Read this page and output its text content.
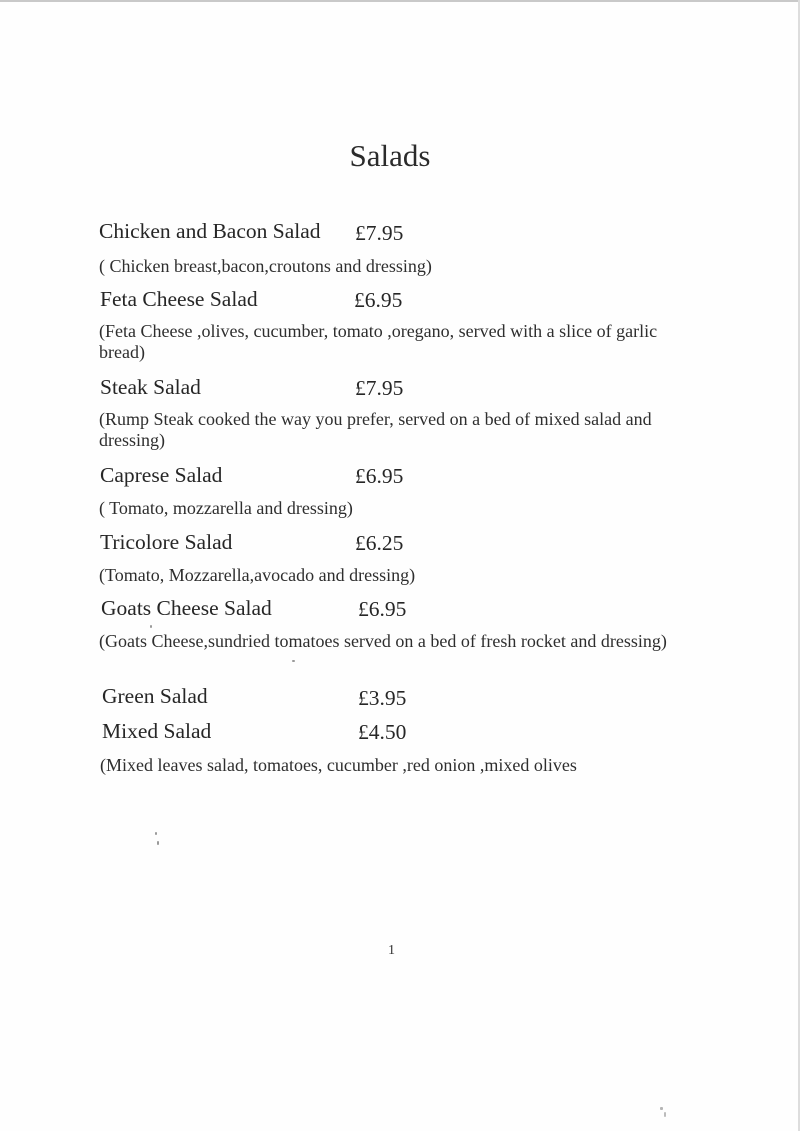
Salads
Chicken and Bacon Salad £7.95
( Chicken breast,bacon,croutons and dressing)
Feta Cheese Salad	£6.95
(Feta Cheese ,olives, cucumber, tomato ,oregano, served with a slice of garlic bread)
Steak Salad	£7.95
(Rump Steak cooked the way you prefer, served on a bed of mixed salad and dressing)
Caprese Salad	£6.95
( Tomato, mozzarella and dressing)
Tricolore Salad	£6.25
(Tomato, Mozzarella,avocado and dressing)
Goats Cheese Salad	£6.95
(Goats Cheese,sundried tomatoes served on a bed of fresh rocket and dressing)
Green Salad	£3.95
Mixed Salad	£4.50
(Mixed leaves salad, tomatoes, cucumber ,red onion ,mixed olives
1
